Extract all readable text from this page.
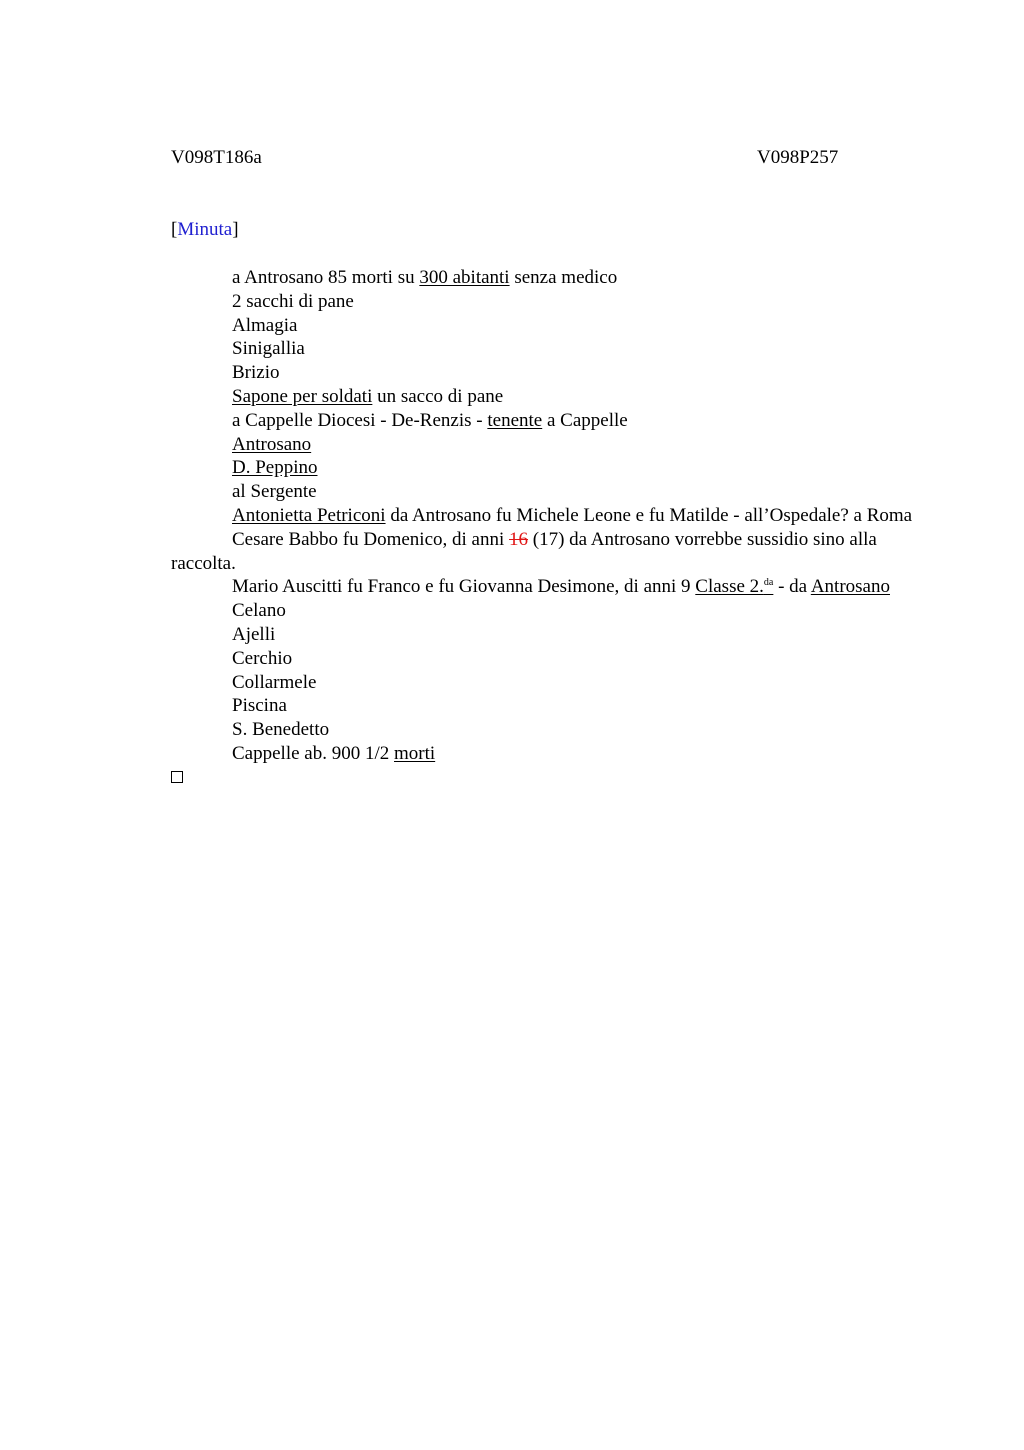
V098T186a	V098P257
[Minuta]

a Antrosano 85 morti su 300 abitanti senza medico

2 sacchi di pane

Almagia

Sinigallia

Brizio

Sapone per soldati un sacco di pane

a Cappelle Diocesi - De-Renzis - tenente a Cappelle

Antrosano

D. Peppino

al Sergente

Antonietta Petriconi da Antrosano fu Michele Leone e fu Matilde - all’Ospedale? a Roma

Cesare Babbo fu Domenico, di anni 16 (17) da Antrosano vorrebbe sussidio sino alla raccolta.

Mario Auscitti fu Franco e fu Giovanna Desimone, di anni 9 Classe 2.$^{da}$ - da Antrosano

Celano

Ajelli

Cerchio

Collarmele

Piscina

S. Benedetto

Cappelle ab. 900 1/2 morti
